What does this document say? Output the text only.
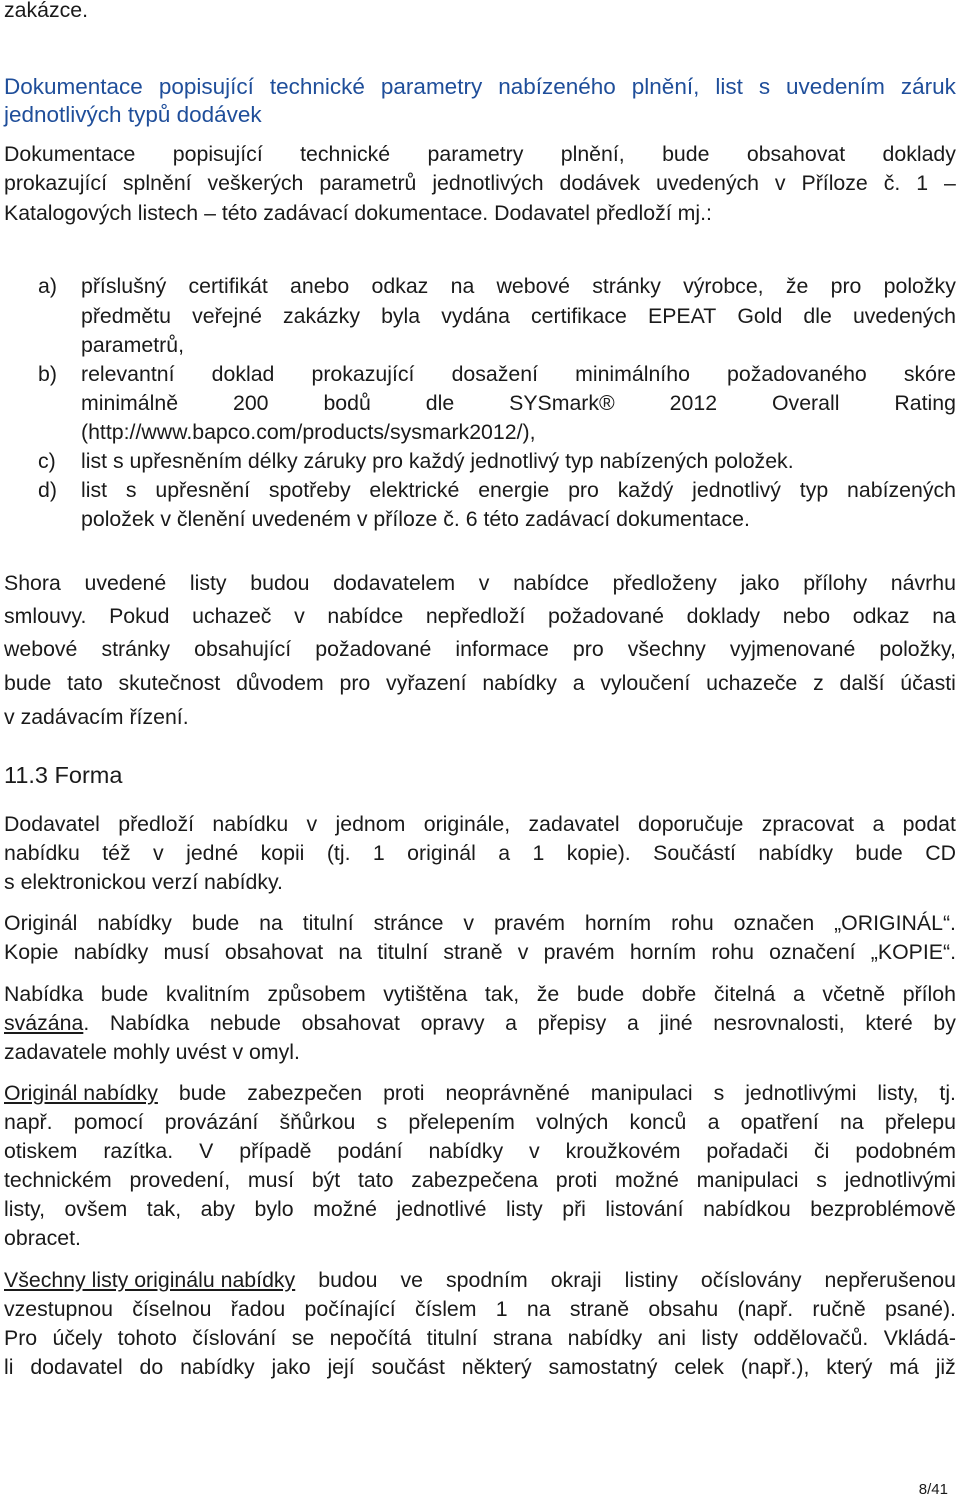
zakázce.
Dokumentace popisující technické parametry nabízeného plnění, list s uvedením záruk
jednotlivých typů dodávek
Dokumentace popisující technické parametry plnění, bude obsahovat doklady
prokazující splnění veškerých parametrů jednotlivých dodávek uvedených v Příloze č. 1 –
Katalogových listech – této zadávací dokumentace. Dodavatel předloží mj.:
a) příslušný certifikát anebo odkaz na webové stránky výrobce, že pro položky
předmětu veřejné zakázky byla vydána certifikace EPEAT Gold dle uvedených
parametrů,
b) relevantní doklad prokazující dosažení minimálního požadovaného skóre
minimálně	200	bodů	dle	SYSmark®	2012	Overall	Rating
(http://www.bapco.com/products/sysmark2012/),
c) list s upřesněním délky záruky pro každý jednotlivý typ nabízených položek.
d) list s upřesnění spotřeby elektrické energie pro každý jednotlivý typ nabízených
položek v členění uvedeném v příloze č. 6 této zadávací dokumentace.
Shora uvedené listy budou dodavatelem v nabídce předloženy jako přílohy návrhu
smlouvy. Pokud uchazeč v nabídce nepředloží požadované doklady nebo odkaz na
webové stránky obsahující požadované informace pro všechny vyjmenované položky,
bude tato skutečnost důvodem pro vyřazení nabídky a vyloučení uchazeče z další účasti
v zadávacím řízení.
11.3 Forma
Dodavatel předloží nabídku v jednom originále, zadavatel doporučuje zpracovat a podat
nabídku též v jedné kopii (tj. 1 originál a 1 kopie). Součástí nabídky bude CD
s elektronickou verzí nabídky.
Originál nabídky bude na titulní stránce v pravém horním rohu označen „ORIGINÁL“.
Kopie nabídky musí obsahovat na titulní straně v pravém horním rohu označení „KOPIE“.
Nabídka bude kvalitním způsobem vytištěna tak, že bude dobře čitelná a včetně příloh
svázána. Nabídka nebude obsahovat opravy a přepisy a jiné nesrovnalosti, které by
zadavatele mohly uvést v omyl.
Originál nabídky bude zabezpečen proti neoprávněné manipulaci s jednotlivými listy, tj.
např. pomocí provázání šňůrkou s přelepením volných konců a opatření na přelepu
otiskem razítka. V případě podání nabídky v kroužkovém pořadači či podobném
technickém provedení, musí být tato zabezpečena proti možné manipulaci s jednotlivými
listy, ovšem tak, aby bylo možné jednotlivé listy při listování nabídkou bezproblémově
obracet.
Všechny listy originálu nabídky budou ve spodním okraji listiny očíslovány nepřerušenou
vzestupnou číselnou řadou počínající číslem 1 na straně obsahu (např. ručně psané).
Pro účely tohoto číslování se nepočítá titulní strana nabídky ani listy oddělovačů. Vkládá-
li dodavatel do nabídky jako její součást některý samostatný celek (např.), který má již
8/41
